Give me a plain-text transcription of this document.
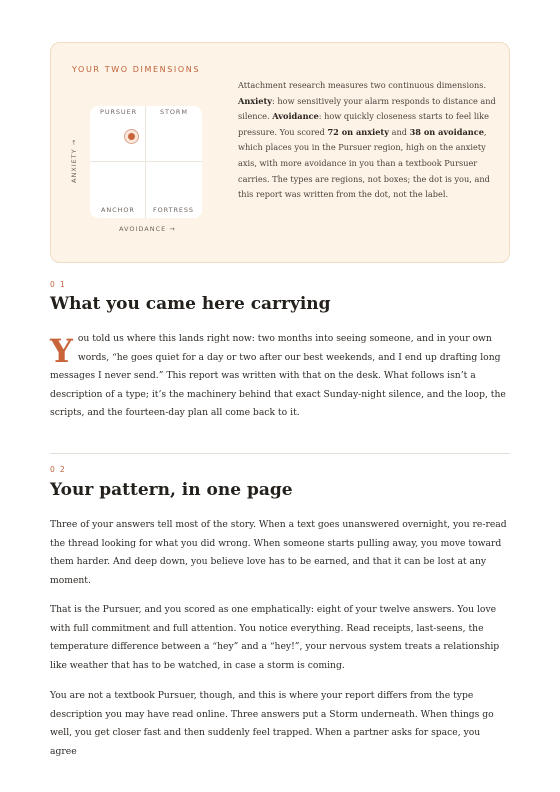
YOUR TWO DIMENSIONS
ANXIETY →
PURSUER	STORM
ANCHOR	FORTRESS
AVOIDANCE →

Attachment research measures two continuous dimensions. Anxiety: how sensitively your alarm responds to distance and silence. Avoidance: how quickly closeness starts to feel like pressure. You scored 72 on anxiety and 38 on avoidance, which places you in the Pursuer region, high on the anxiety axis, with more avoidance in you than a textbook Pursuer carries. The types are regions, not boxes; the dot is you, and this report was written from the dot, not the label.

0 1
What you came here carrying
You told us where this lands right now: two months into seeing someone, and in your own words, “he goes quiet for a day or two after our best weekends, and I end up drafting long messages I never send.” This report was written with that on the desk. What follows isn’t a description of a type; it’s the machinery behind that exact Sunday-night silence, and the loop, the scripts, and the fourteen-day plan all come back to it.
0 2
Your pattern, in one page

Three of your answers tell most of the story. When a text goes unanswered overnight, you re-read the thread looking for what you did wrong. When someone starts pulling away, you move toward them harder. And deep down, you believe love has to be earned, and that it can be lost at any moment.

That is the Pursuer, and you scored as one emphatically: eight of your twelve answers. You love with full commitment and full attention. You notice everything. Read receipts, last-seens, the temperature difference between a “hey” and a “hey!”, your nervous system treats a relationship like weather that has to be watched, in case a storm is coming.

You are not a textbook Pursuer, though, and this is where your report differs from the type description you may have read online. Three answers put a Storm underneath. When things go well, you get closer fast and then suddenly feel trapped. When a partner asks for space, you agree
